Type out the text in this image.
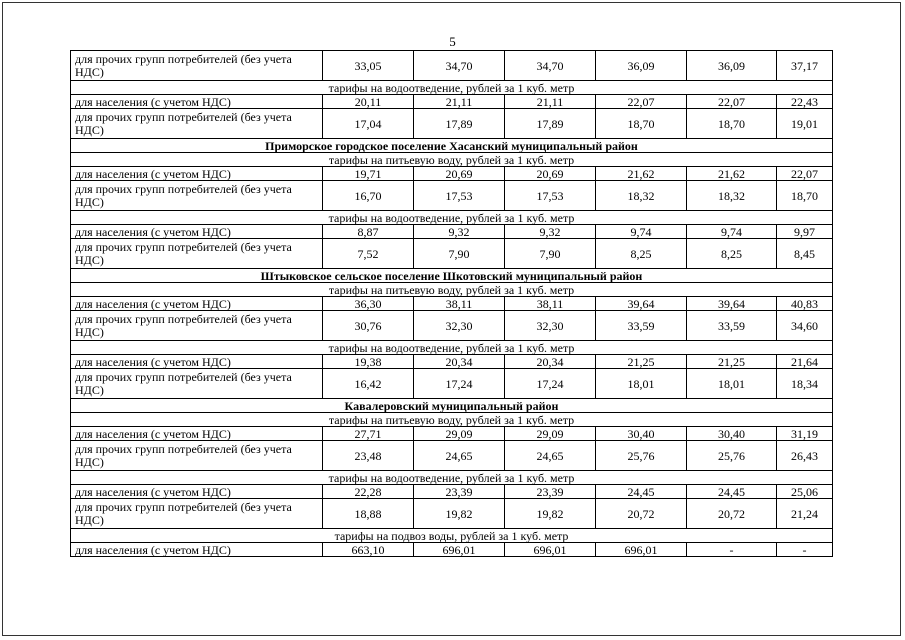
5
для прочих групп потребителей (без учета НДС)	33,05	34,70	34,70	36,09	36,09	37,17
тарифы на водоотведение, рублей за 1 куб. метр						
для населения (с учетом НДС)	20,11	21,11	21,11	22,07	22,07	22,43
для прочих групп потребителей (без учета НДС)	17,04	17,89	17,89	18,70	18,70	19,01
Приморское городское поселение Хасанский муниципальный район						
тарифы на питьевую воду, рублей за 1 куб. метр						
для населения (с учетом НДС)	19,71	20,69	20,69	21,62	21,62	22,07
для прочих групп потребителей (без учета НДС)	16,70	17,53	17,53	18,32	18,32	18,70
тарифы на водоотведение, рублей за 1 куб. метр						
для населения (с учетом НДС)	8,87	9,32	9,32	9,74	9,74	9,97
для прочих групп потребителей (без учета НДС)	7,52	7,90	7,90	8,25	8,25	8,45
Штыковское сельское поселение Шкотовский муниципальный район						
тарифы на питьевую воду, рублей за 1 куб. метр						
для населения (с учетом НДС)	36,30	38,11	38,11	39,64	39,64	40,83
для прочих групп потребителей (без учета НДС)	30,76	32,30	32,30	33,59	33,59	34,60
тарифы на водоотведение, рублей за 1 куб. метр						
для населения (с учетом НДС)	19,38	20,34	20,34	21,25	21,25	21,64
для прочих групп потребителей (без учета НДС)	16,42	17,24	17,24	18,01	18,01	18,34
Кавалеровский муниципальный район						
тарифы на питьевую воду, рублей за 1 куб. метр						
для населения (с учетом НДС)	27,71	29,09	29,09	30,40	30,40	31,19
для прочих групп потребителей (без учета НДС)	23,48	24,65	24,65	25,76	25,76	26,43
тарифы на водоотведение, рублей за 1 куб. метр						
для населения (с учетом НДС)	22,28	23,39	23,39	24,45	24,45	25,06
для прочих групп потребителей (без учета НДС)	18,88	19,82	19,82	20,72	20,72	21,24
тарифы на подвоз воды, рублей за 1 куб. метр						
для населения (с учетом НДС)	663,10	696,01	696,01	696,01	-	-
